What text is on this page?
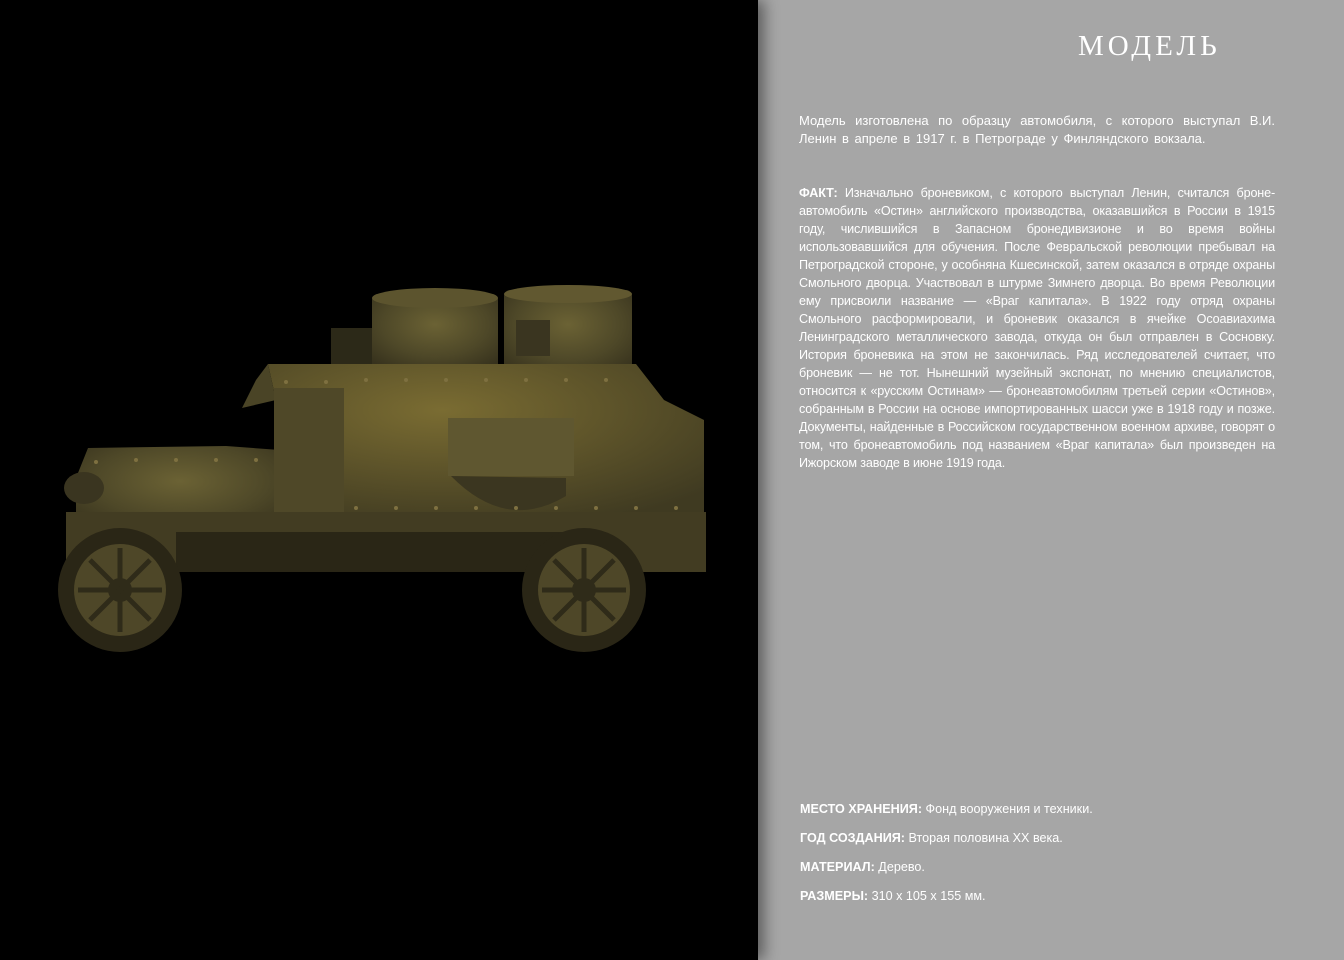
МОДЕЛЬ

Модель изготовлена по образцу автомобиля, с которого выступал В.И. Ленин в апреле в 1917 г. в Петрограде у Финляндского вокзала.

ФАКТ: Изначально броневиком, с которого выступал Ленин, считался броне-автомобиль «Остин» английского производства, оказавшийся в России в 1915 году, числившийся в Запасном бронедивизионе и во время войны использовавшийся для обучения. После Февральской революции пребывал на Петроградской стороне, у особняна Кшесинской, затем оказался в отряде охраны Смольного дворца. Участвовал в штурме Зимнего дворца. Во время Революции ему присвоили название — «Враг капитала». В 1922 году отряд охраны Смольного расформировали, и броневик оказался в ячейке Осоавиахима Ленинградского металлического завода, откуда он был отправлен в Сосновку. История броневика на этом не закончилась. Ряд исследователей считает, что броневик — не тот. Нынешний музейный экспонат, по мнению специалистов, относится к «русским Остинам» — бронеавтомобилям третьей серии «Остинов», собранным в России на основе импортированных шасси уже в 1918 году и позже. Документы, найденные в Российском государственном военном архиве, говорят о том, что бронеавтомобиль под названием «Враг капитала» был произведен на Ижорском заводе в июне 1919 года.

МЕСТО ХРАНЕНИЯ: Фонд вооружения и техники.

ГОД СОЗДАНИЯ: Вторая половина XX века.

МАТЕРИАЛ: Дерево.

РАЗМЕРЫ: 310 x 105 x 155 мм.
